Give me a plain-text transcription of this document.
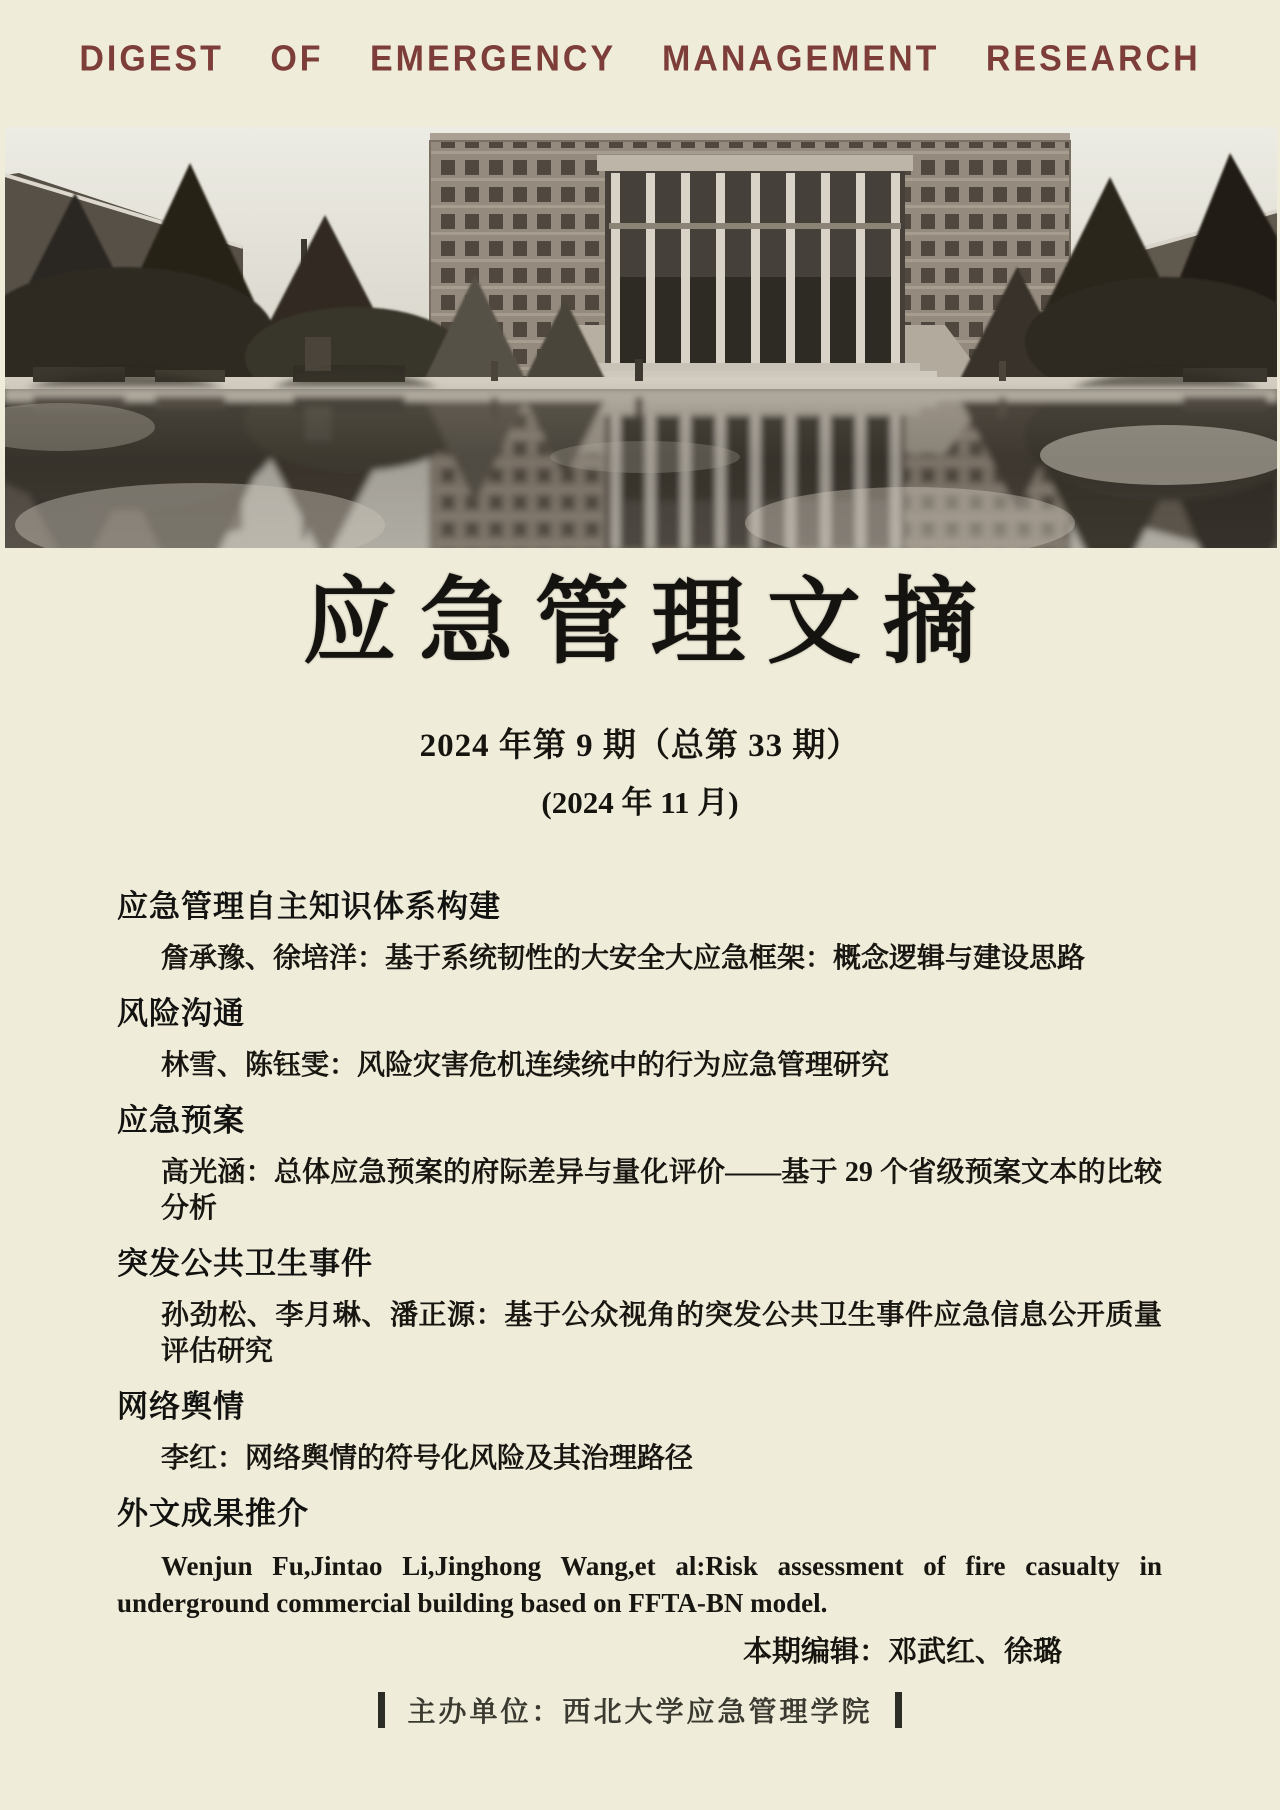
DIGEST OF EMERGENCY MANAGEMENT RESEARCH
应急管理文摘
2024 年第 9 期（总第 33 期）
(2024 年 11 月)
应急管理自主知识体系构建

詹承豫、徐培洋：基于系统韧性的大安全大应急框架：概念逻辑与建设思路

风险沟通

林雪、陈钰雯：风险灾害危机连续统中的行为应急管理研究

应急预案

高光涵：总体应急预案的府际差异与量化评价——基于 29 个省级预案文本的比较分析

突发公共卫生事件

孙劲松、李月琳、潘正源：基于公众视角的突发公共卫生事件应急信息公开质量评估研究

网络舆情

李红：网络舆情的符号化风险及其治理路径

外文成果推介

Wenjun Fu,Jintao Li,Jinghong Wang,et al:Risk assessment of fire casualty in underground commercial building based on FFTA-BN model.

本期编辑：邓武红、徐璐
主办单位：西北大学应急管理学院
